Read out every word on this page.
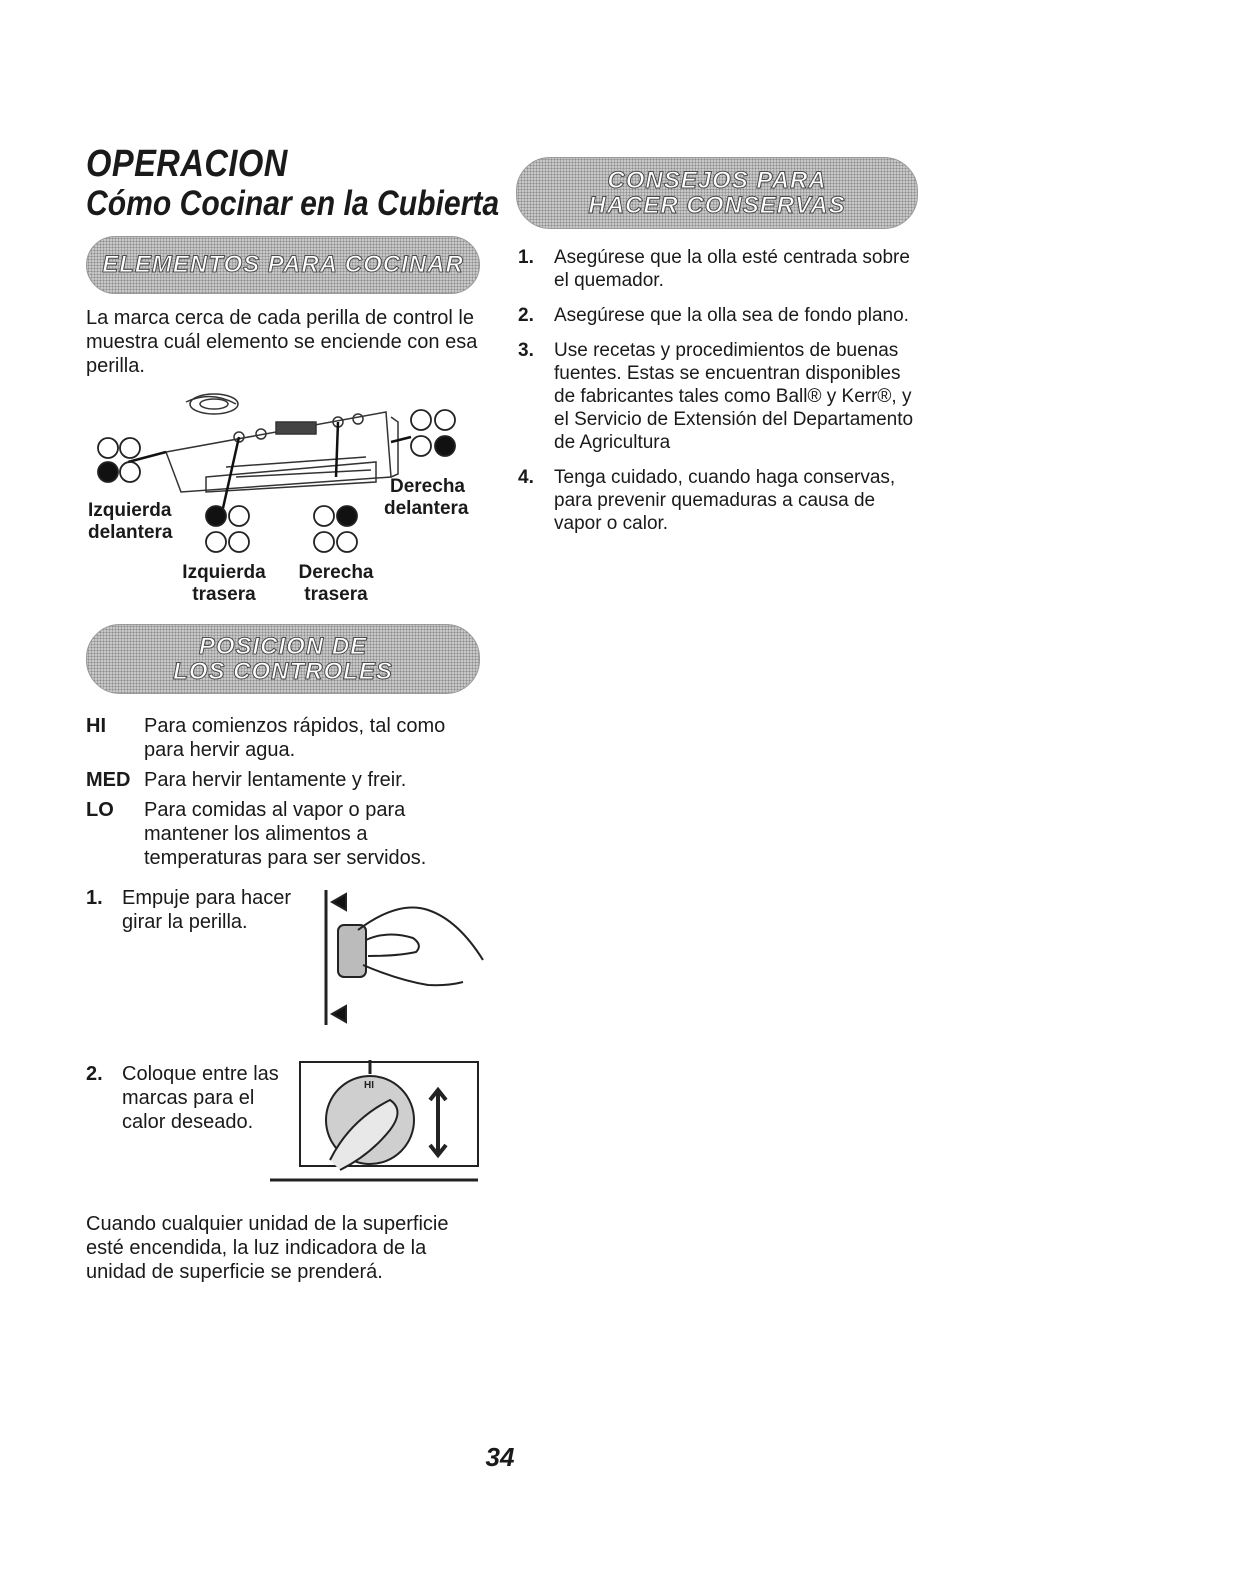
OPERACION
Cómo Cocinar en la Cubierta
ELEMENTOS PARA COCINAR

La marca cerca de cada perilla de control le muestra cuál elemento se enciende con esa perilla.

Izquierda
delantera
Derecha
delantera
Izquierda
trasera
Derecha
trasera
POSICION DE
LOS CONTROLES
HI	Para comienzos rápidos, tal como para hervir agua.
MED Para hervir lentamente y freir.
LO	Para comidas al vapor o para mantener los alimentos a temperaturas para ser servidos.
1. Empuje para hacer girar la perilla.
2. Coloque entre las marcas para el calor deseado.
HI

Cuando cualquier unidad de la superficie esté encendida, la luz indicadora de la unidad de superficie se prenderá.

CONSEJOS PARA
HACER CONSERVAS
1.	Asegúrese que la olla esté centrada sobre el quemador.
2.	Asegúrese que la olla sea de fondo plano.
3.	Use recetas y procedimientos de buenas fuentes. Estas se encuentran disponibles de fabricantes tales como Ball® y Kerr®, y el Servicio de Extensión del Departamento de Agricultura
4.	Tenga cuidado, cuando haga conservas, para prevenir quemaduras a causa de vapor o calor.
34
